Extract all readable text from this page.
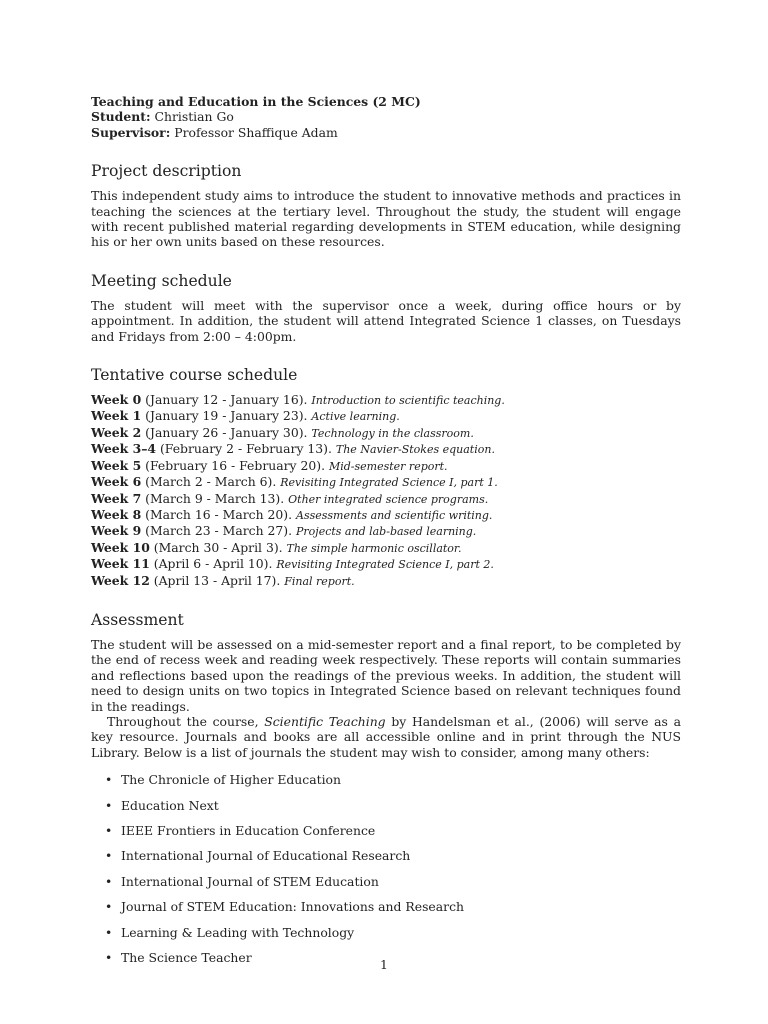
Teaching and Education in the Sciences (2 MC)

Student: Christian Go

Supervisor: Professor Shaffique Adam

Project description

This independent study aims to introduce the student to innovative methods and practices in teaching the sciences at the tertiary level. Throughout the study, the student will engage with recent published material regarding developments in STEM education, while designing his or her own units based on these resources.

Meeting schedule

The student will meet with the supervisor once a week, during office hours or by appointment. In addition, the student will attend Integrated Science 1 classes, on Tuesdays and Fridays from 2:00 – 4:00pm.

Tentative course schedule

Week 0 (January 12 - January 16). Introduction to scientific teaching.

Week 1 (January 19 - January 23). Active learning.

Week 2 (January 26 - January 30). Technology in the classroom.

Week 3–4 (February 2 - February 13). The Navier-Stokes equation.

Week 5 (February 16 - February 20). Mid-semester report.

Week 6 (March 2 - March 6). Revisiting Integrated Science I, part 1.

Week 7 (March 9 - March 13). Other integrated science programs.

Week 8 (March 16 - March 20). Assessments and scientific writing.

Week 9 (March 23 - March 27). Projects and lab-based learning.

Week 10 (March 30 - April 3). The simple harmonic oscillator.

Week 11 (April 6 - April 10). Revisiting Integrated Science I, part 2.

Week 12 (April 13 - April 17). Final report.

Assessment

The student will be assessed on a mid-semester report and a final report, to be completed by the end of recess week and reading week respectively. These reports will contain summaries and reflections based upon the readings of the previous weeks. In addition, the student will need to design units on two topics in Integrated Science based on relevant techniques found in the readings.

Throughout the course, Scientific Teaching by Handelsman et al., (2006) will serve as a key resource. Journals and books are all accessible online and in print through the NUS Library. Below is a list of journals the student may wish to consider, among many others:

• The Chronicle of Higher Education
• Education Next
• IEEE Frontiers in Education Conference
• International Journal of Educational Research
• International Journal of STEM Education
• Journal of STEM Education: Innovations and Research
• Learning & Leading with Technology
• The Science Teacher	1
